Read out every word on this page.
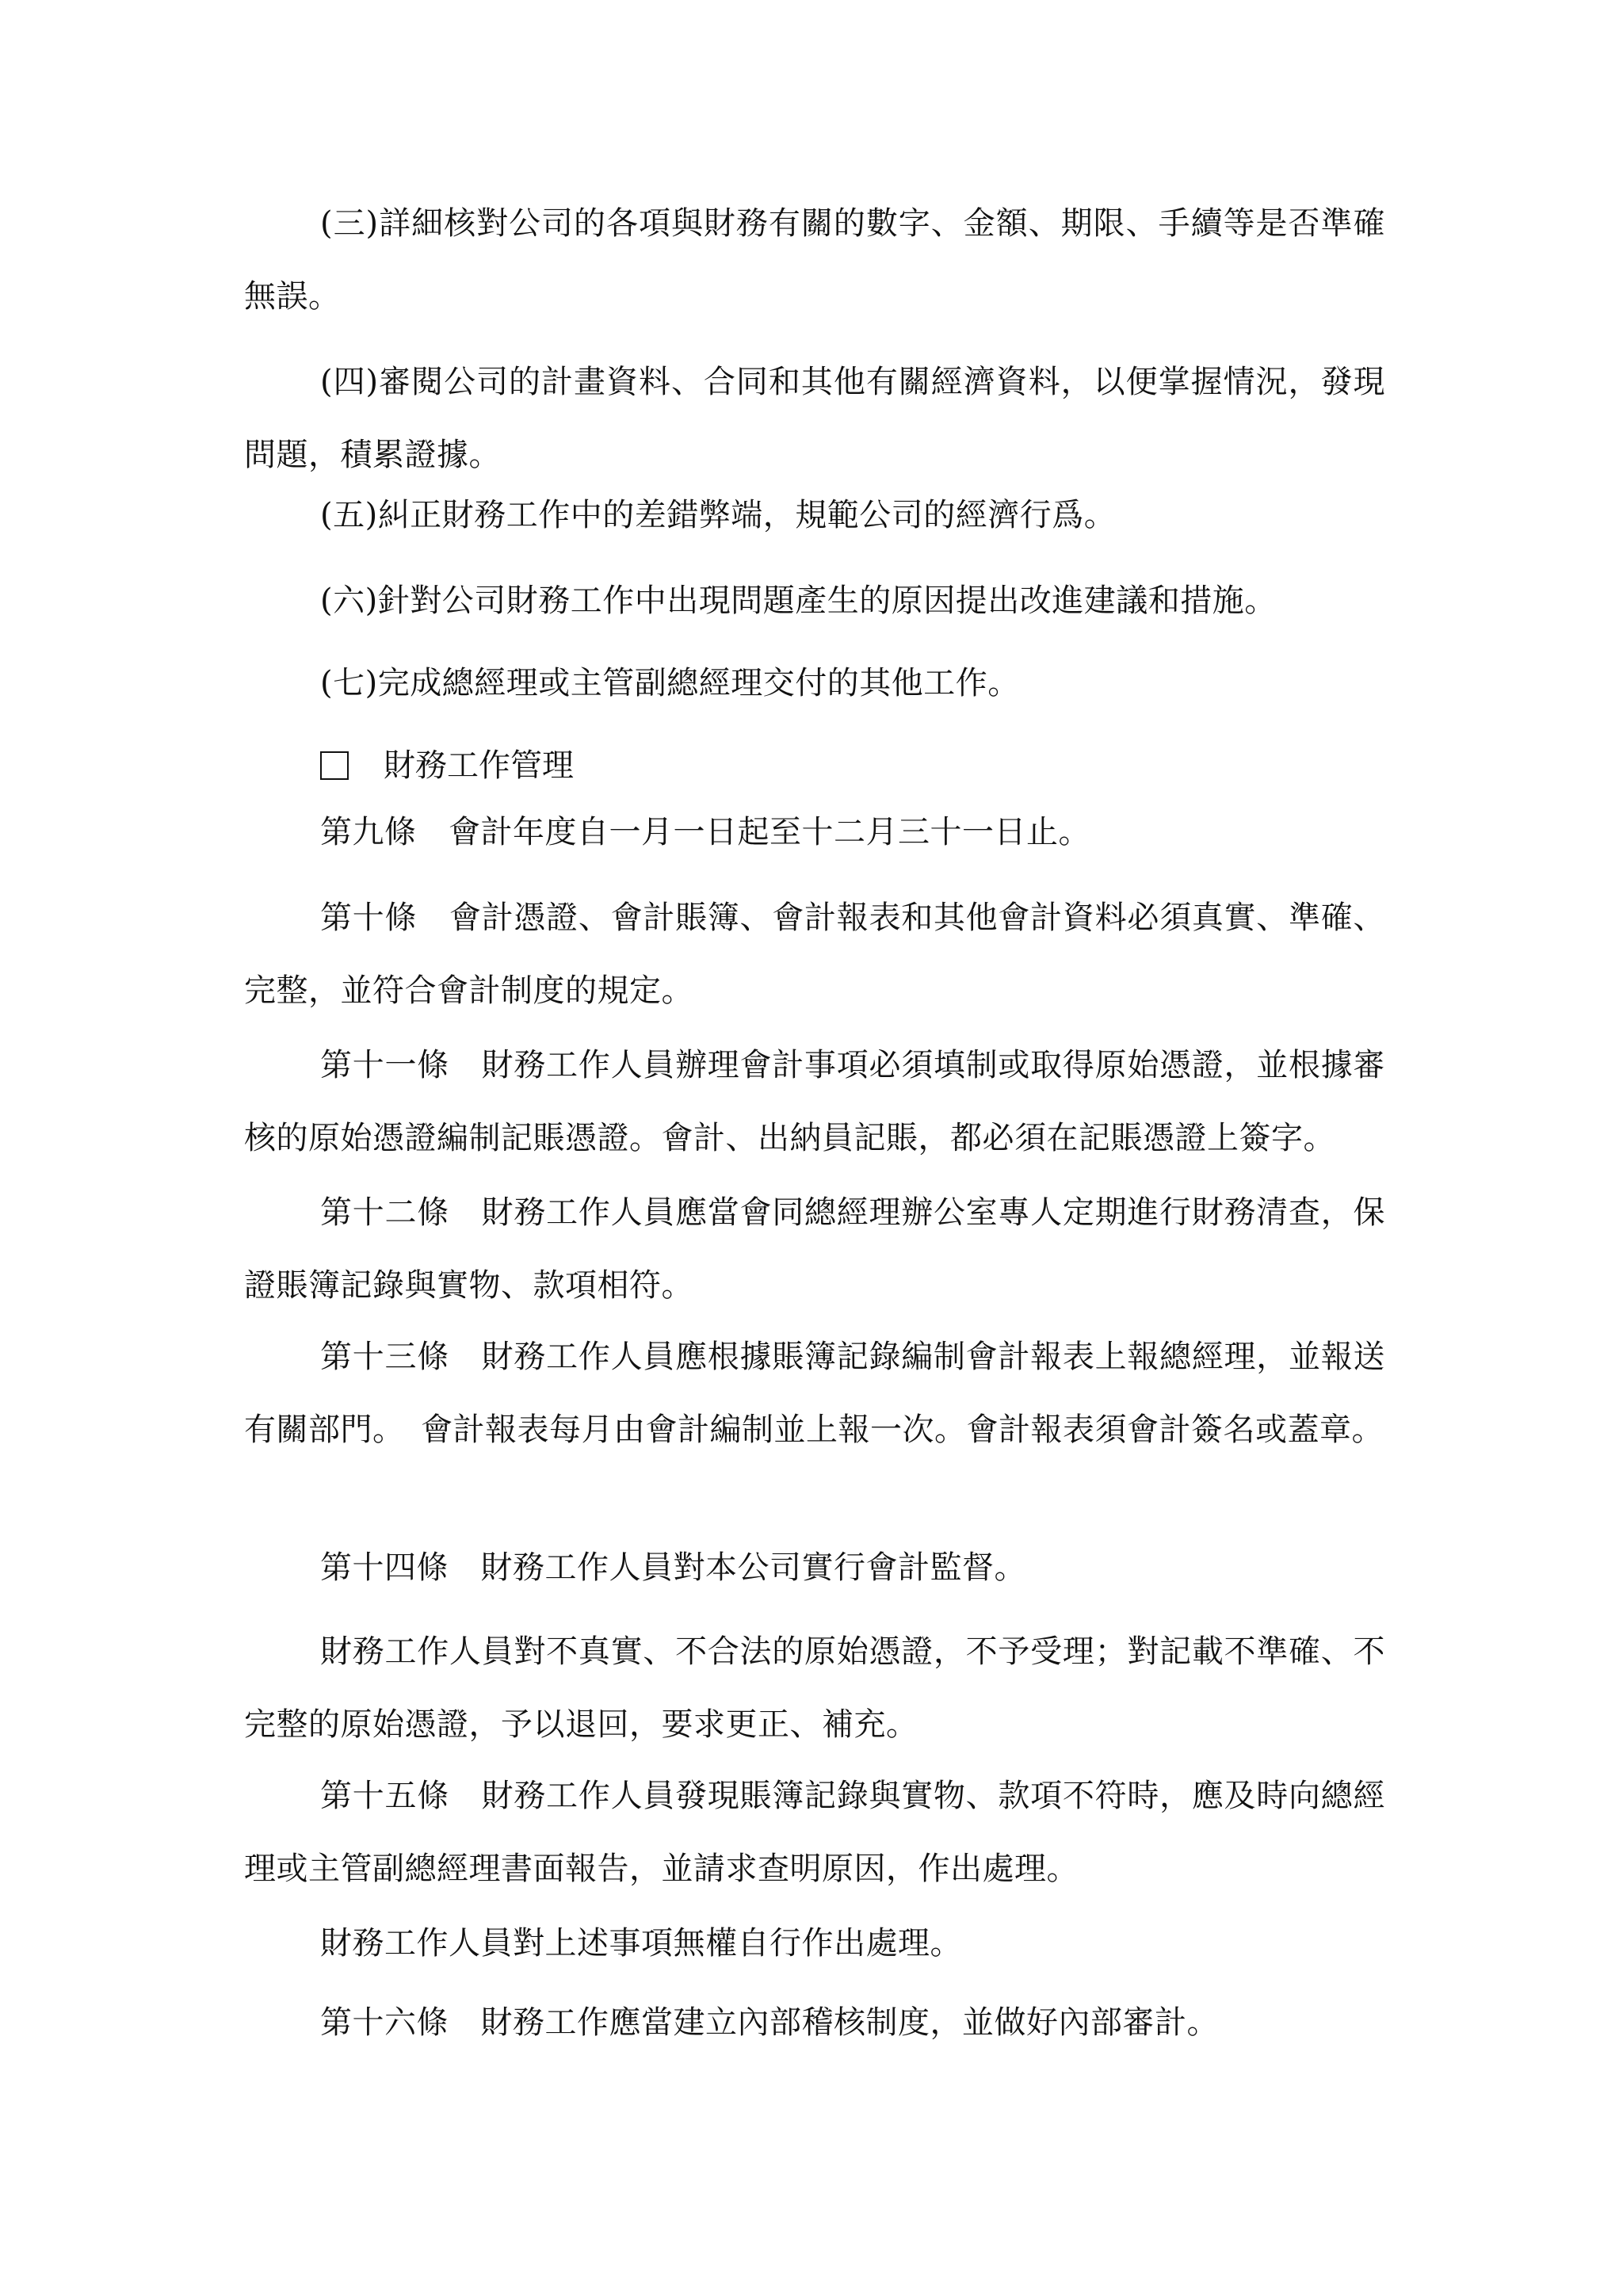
(三)詳細核對公司的各項與財務有關的數字、金額、期限、手續等是否準確無誤。

(四)審閱公司的計畫資料、合同和其他有關經濟資料，以便掌握情況，發現問題，積累證據。

(五)糾正財務工作中的差錯弊端，規範公司的經濟行爲。

(六)針對公司財務工作中出現問題產生的原因提出改進建議和措施。

(七)完成總經理或主管副總經理交付的其他工作。

財務工作管理

第九條　會計年度自一月一日起至十二月三十一日止。

第十條　會計憑證、會計賬簿、會計報表和其他會計資料必須真實、準確、完整，並符合會計制度的規定。

第十一條　財務工作人員辦理會計事項必須填制或取得原始憑證，並根據審核的原始憑證編制記賬憑證。會計、出納員記賬，都必須在記賬憑證上簽字。

第十二條　財務工作人員應當會同總經理辦公室專人定期進行財務清查，保證賬簿記錄與實物、款項相符。

第十三條　財務工作人員應根據賬簿記錄編制會計報表上報總經理，並報送有關部門。　會計報表每月由會計編制並上報一次。會計報表須會計簽名或蓋章。

第十四條　財務工作人員對本公司實行會計監督。

財務工作人員對不真實、不合法的原始憑證，不予受理；對記載不準確、不完整的原始憑證，予以退回，要求更正、補充。

第十五條　財務工作人員發現賬簿記錄與實物、款項不符時，應及時向總經理或主管副總經理書面報告，並請求查明原因，作出處理。

財務工作人員對上述事項無權自行作出處理。

第十六條　財務工作應當建立內部稽核制度，並做好內部審計。
